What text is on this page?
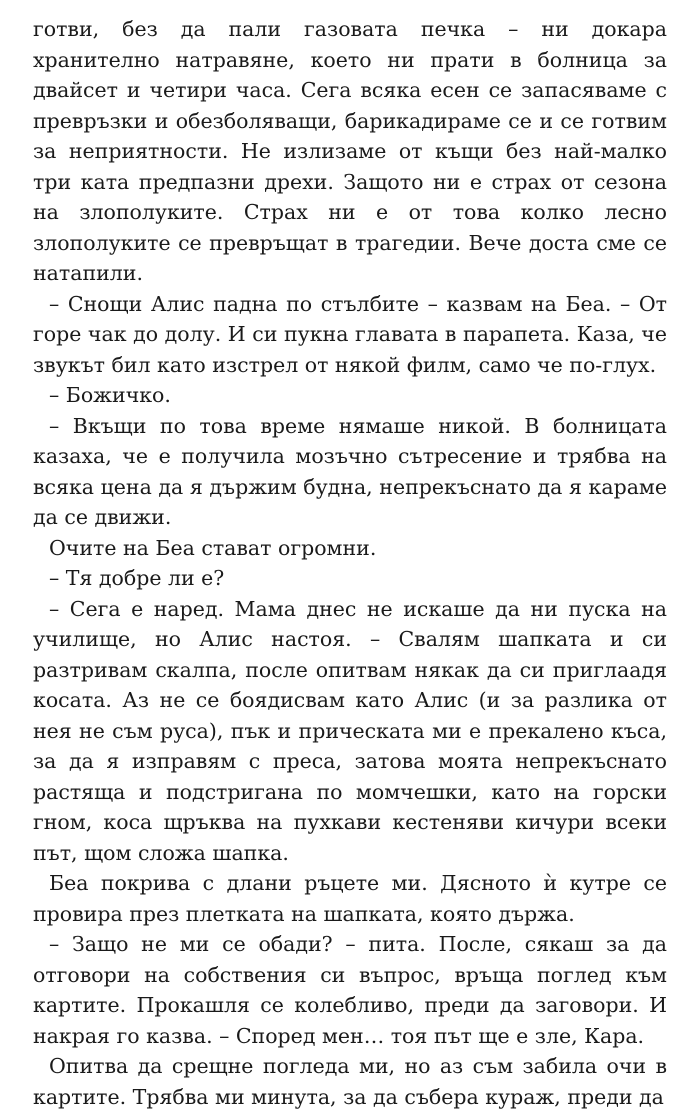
готви, без да пали газовата печка – ни докара хранително натравяне, което ни прати в болница за двайсет и четири часа. Сега всяка есен се запасяваме с превръзки и обезболяващи, барикадираме се и се готвим за неприятности. Не излизаме от къщи без най-малко три ката предпазни дрехи. Защото ни е страх от сезона на злополуките. Страх ни е от това колко лесно злополуките се превръщат в трагедии. Вече доста сме се натапили.

– Снощи Алис падна по стълбите – казвам на Беа. – От горе чак до долу. И си пукна главата в парапета. Каза, че звукът бил като изстрел от някой филм, само че по-глух.

– Божичко.

– Вкъщи по това време нямаше никой. В болницата казаха, че е получила мозъчно сътресение и трябва на всяка цена да я държим будна, непрекъснато да я караме да се движи.

Очите на Беа стават огромни.

– Тя добре ли е?

– Сега е наред. Мама днес не искаше да ни пуска на училище, но Алис настоя. – Свалям шапката и си разтривам скалпа, после опитвам някак да си приглаадя косата. Аз не се боядисвам като Алис (и за разлика от нея не съм руса), пък и прическата ми е прекалено къса, за да я изправям с преса, затова моята непрекъснато растяща и подстригана по момчешки, като на горски гном, коса щръква на пухкави кестеняви кичури всеки път, щом сложа шапка.

Беа покрива с длани ръцете ми. Дясното ѝ кутре се провира през плетката на шапката, която държа.

– Защо не ми се обади? – пита. После, сякаш за да отговори на собствения си въпрос, връща поглед към картите. Прокашля се колебливо, преди да заговори. И накрая го казва. – Според мен… тоя път ще е зле, Кара.

Опитва да срещне погледа ми, но аз съм забила очи в картите. Трябва ми минута, за да събера кураж, преди да
